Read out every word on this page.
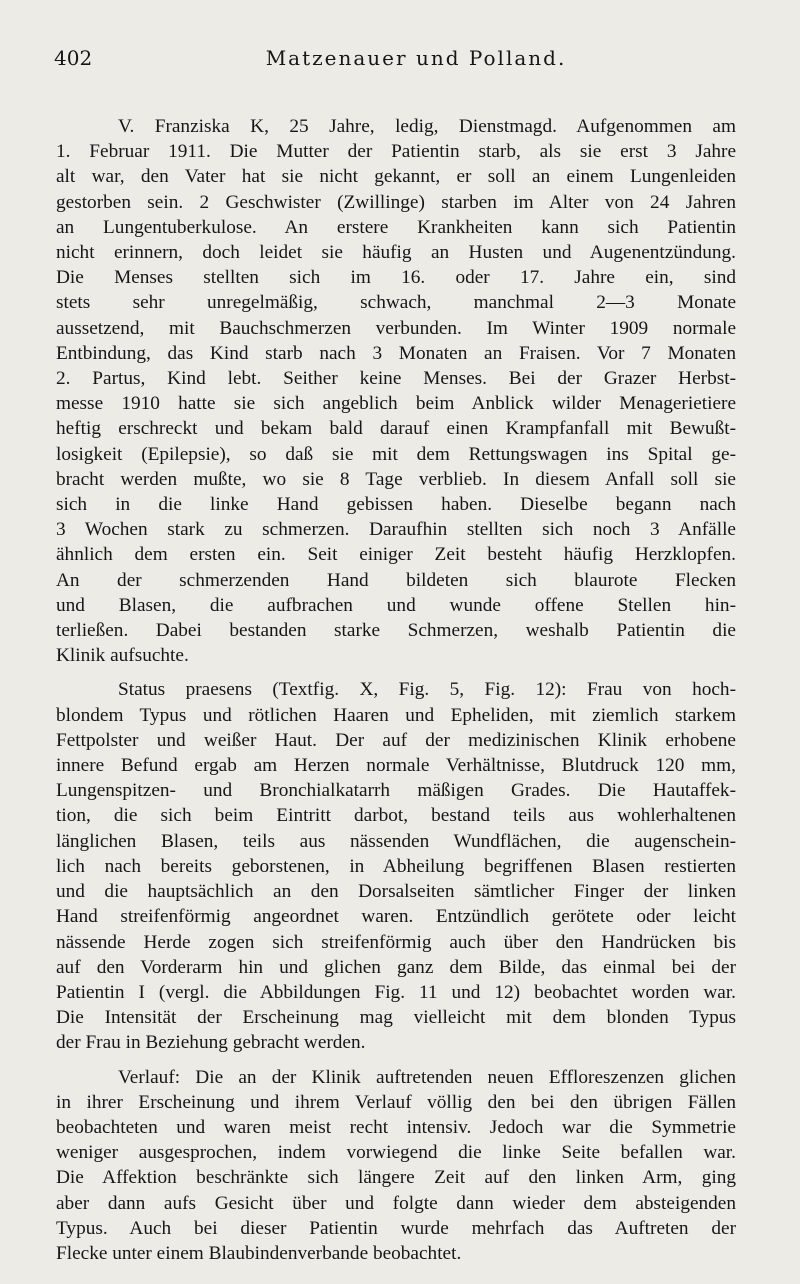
402	Matzenauer und Polland.
V. Franziska K, 25 Jahre, ledig, Dienstmagd. Aufgenommen am
1. Februar 1911. Die Mutter der Patientin starb, als sie erst 3 Jahre
alt war, den Vater hat sie nicht gekannt, er soll an einem Lungenleiden
gestorben sein. 2 Geschwister (Zwillinge) starben im Alter von 24 Jahren
an Lungentuberkulose. An erstere Krankheiten kann sich Patientin
nicht erinnern, doch leidet sie häufig an Husten und Augenentzündung.
Die Menses stellten sich im 16. oder 17. Jahre ein, sind
stets sehr unregelmäßig, schwach, manchmal 2—3 Monate
aussetzend, mit Bauchschmerzen verbunden. Im Winter 1909 normale
Entbindung, das Kind starb nach 3 Monaten an Fraisen. Vor 7 Monaten
2. Partus, Kind lebt. Seither keine Menses. Bei der Grazer Herbst-
messe 1910 hatte sie sich angeblich beim Anblick wilder Menagerietiere
heftig erschreckt und bekam bald darauf einen Krampfanfall mit Bewußt-
losigkeit (Epilepsie), so daß sie mit dem Rettungswagen ins Spital ge-
bracht werden mußte, wo sie 8 Tage verblieb. In diesem Anfall soll sie
sich in die linke Hand gebissen haben. Dieselbe begann nach
3 Wochen stark zu schmerzen. Daraufhin stellten sich noch 3 Anfälle
ähnlich dem ersten ein. Seit einiger Zeit besteht häufig Herzklopfen.
An der schmerzenden Hand bildeten sich blaurote Flecken
und Blasen, die aufbrachen und wunde offene Stellen hin-
terließen. Dabei bestanden starke Schmerzen, weshalb Patientin die
Klinik aufsuchte.
Status praesens (Textfig. X, Fig. 5, Fig. 12): Frau von hoch-
blondem Typus und rötlichen Haaren und Epheliden, mit ziemlich starkem
Fettpolster und weißer Haut. Der auf der medizinischen Klinik erhobene
innere Befund ergab am Herzen normale Verhältnisse, Blutdruck 120 mm,
Lungenspitzen- und Bronchialkatarrh mäßigen Grades. Die Hautaffek-
tion, die sich beim Eintritt darbot, bestand teils aus wohlerhaltenen
länglichen Blasen, teils aus nässenden Wundflächen, die augenschein-
lich nach bereits geborstenen, in Abheilung begriffenen Blasen restierten
und die hauptsächlich an den Dorsalseiten sämtlicher Finger der linken
Hand streifenförmig angeordnet waren. Entzündlich gerötete oder leicht
nässende Herde zogen sich streifenförmig auch über den Handrücken bis
auf den Vorderarm hin und glichen ganz dem Bilde, das einmal bei der
Patientin I (vergl. die Abbildungen Fig. 11 und 12) beobachtet worden war.
Die Intensität der Erscheinung mag vielleicht mit dem blonden Typus
der Frau in Beziehung gebracht werden.
Verlauf: Die an der Klinik auftretenden neuen Effloreszenzen glichen
in ihrer Erscheinung und ihrem Verlauf völlig den bei den übrigen Fällen
beobachteten und waren meist recht intensiv. Jedoch war die Symmetrie
weniger ausgesprochen, indem vorwiegend die linke Seite befallen war.
Die Affektion beschränkte sich längere Zeit auf den linken Arm, ging
aber dann aufs Gesicht über und folgte dann wieder dem absteigenden
Typus. Auch bei dieser Patientin wurde mehrfach das Auftreten der
Flecke unter einem Blaubindenverbande beobachtet.
